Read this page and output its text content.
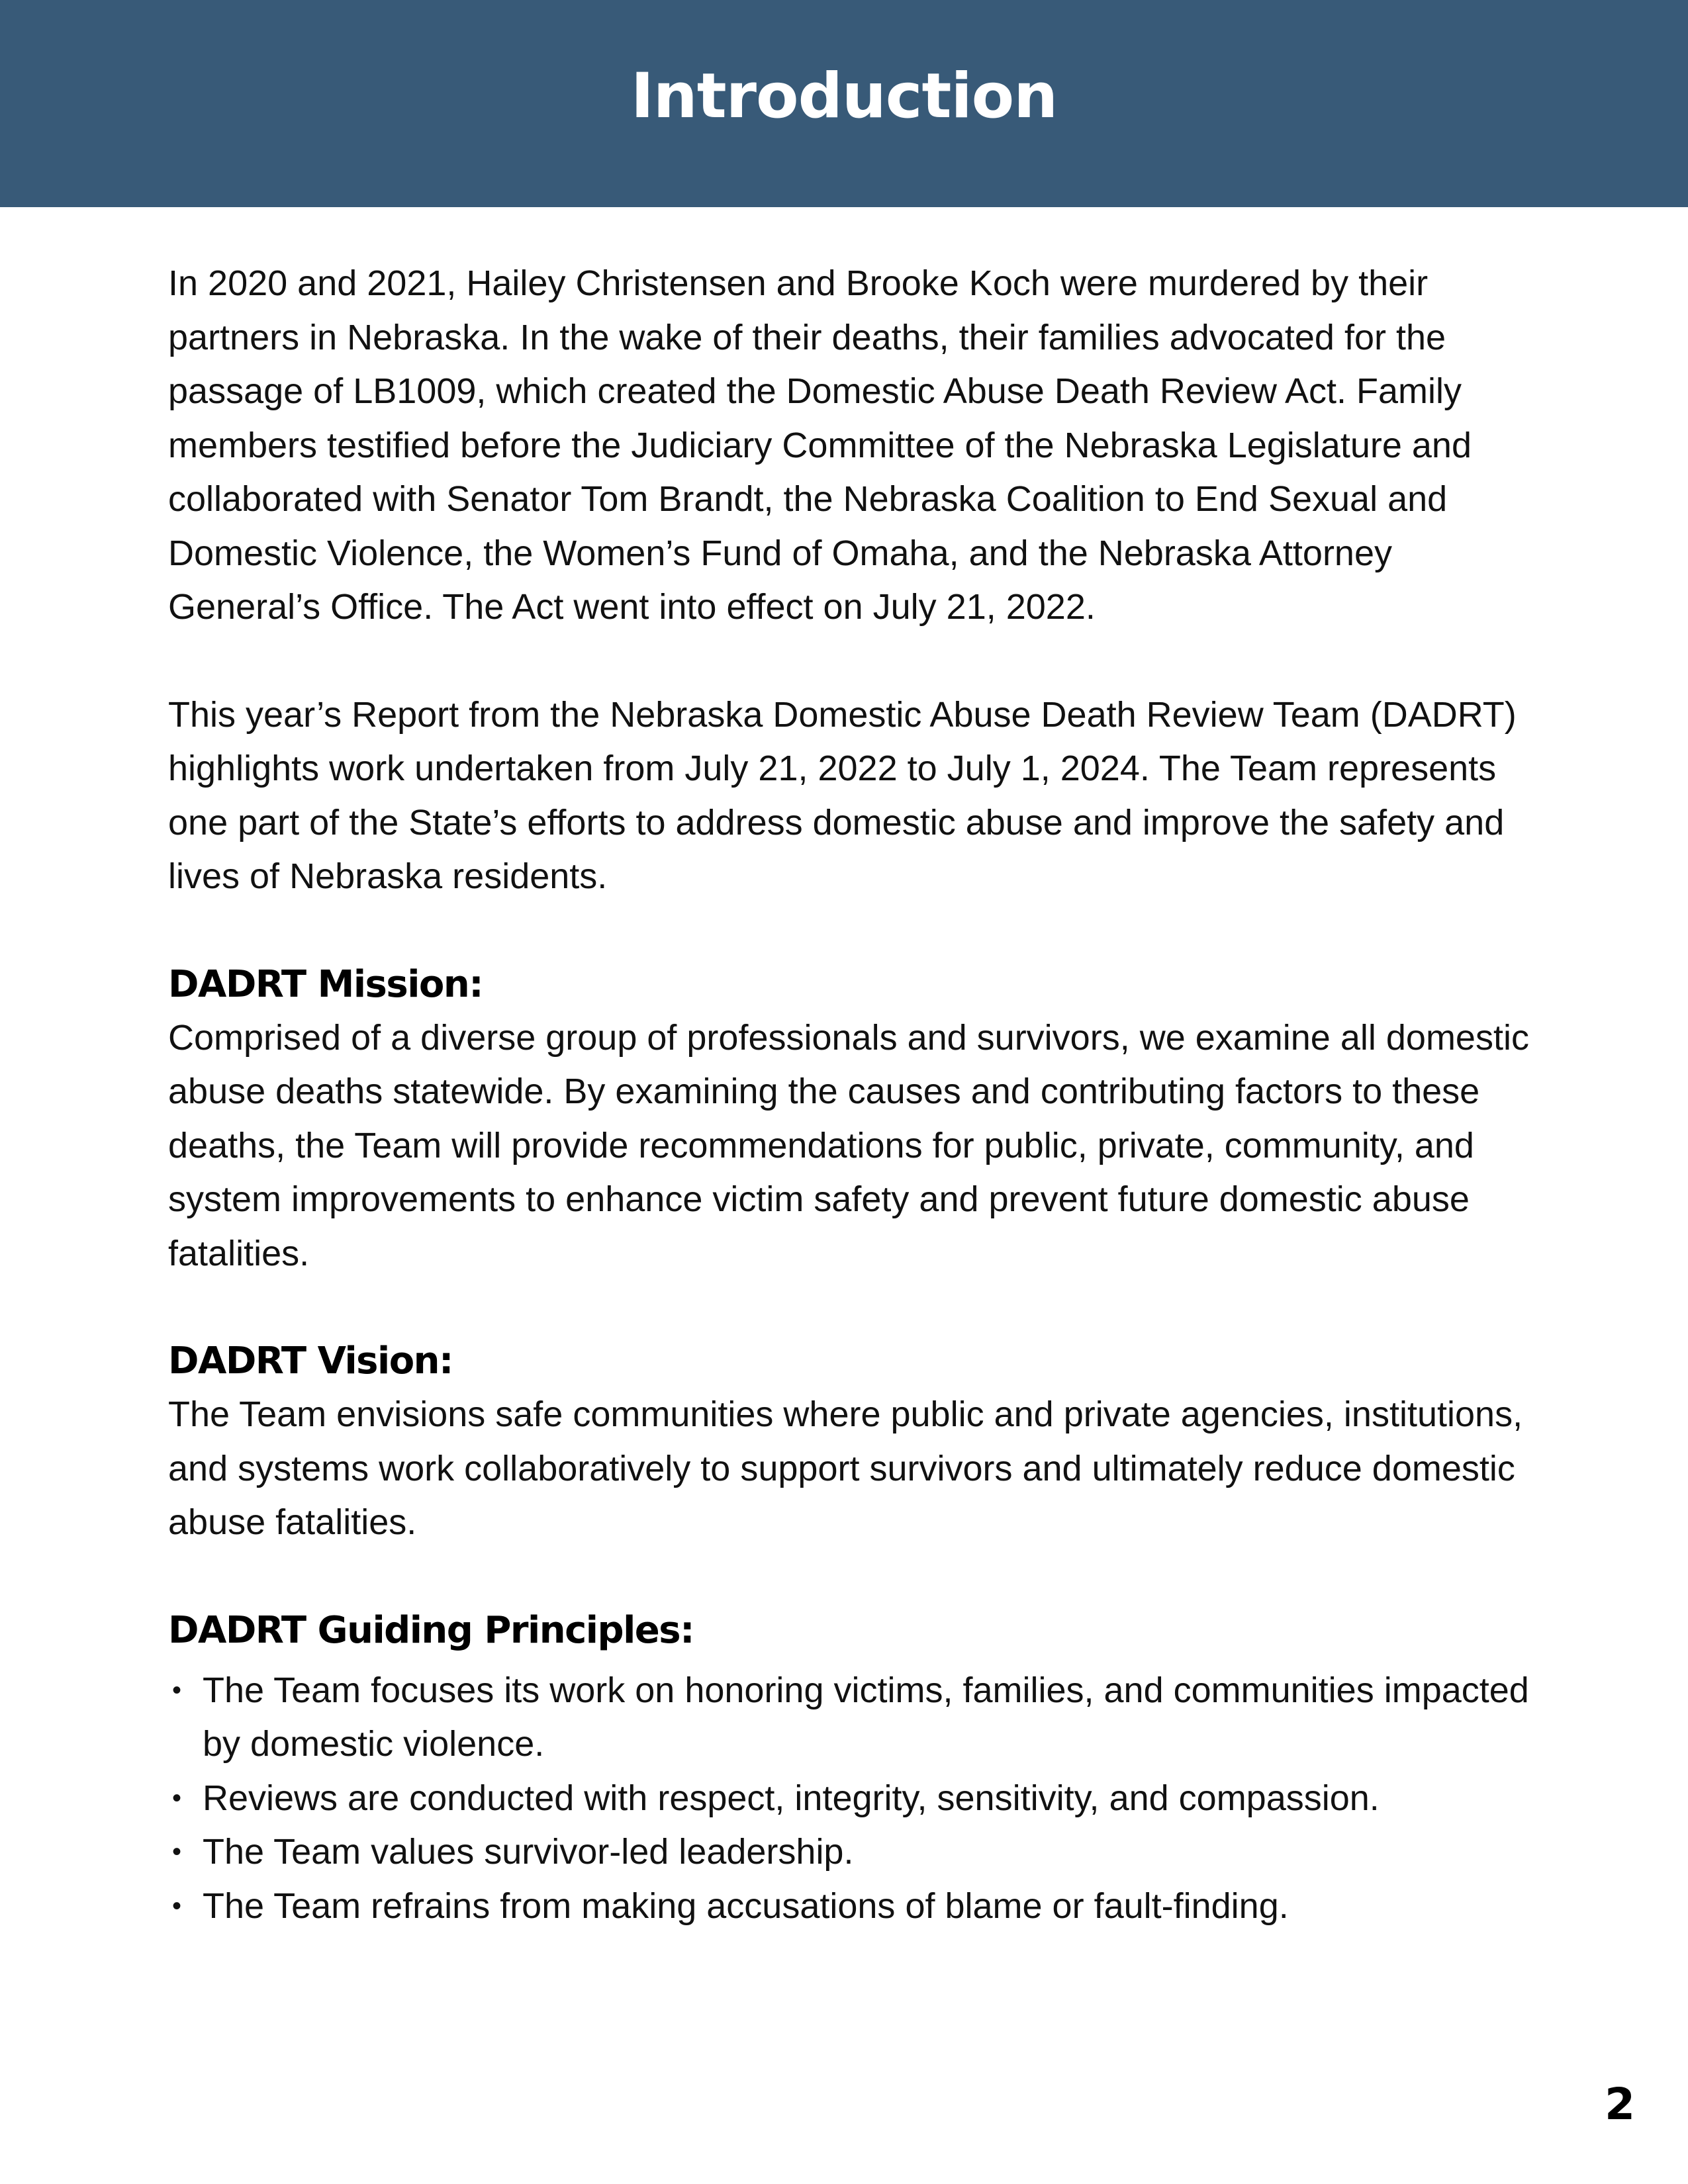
Introduction

In 2020 and 2021, Hailey Christensen and Brooke Koch were murdered by their partners in Nebraska. In the wake of their deaths, their families advocated for the passage of LB1009, which created the Domestic Abuse Death Review Act. Family members testified before the Judiciary Committee of the Nebraska Legislature and collaborated with Senator Tom Brandt, the Nebraska Coalition to End Sexual and Domestic Violence, the Women’s Fund of Omaha, and the Nebraska Attorney General’s Office. The Act went into effect on July 21, 2022.

This year’s Report from the Nebraska Domestic Abuse Death Review Team (DADRT) highlights work undertaken from July 21, 2022 to July 1, 2024. The Team represents one part of the State’s efforts to address domestic abuse and improve the safety and lives of Nebraska residents.

DADRT Mission:

Comprised of a diverse group of professionals and survivors, we examine all domestic abuse deaths statewide. By examining the causes and contributing factors to these deaths, the Team will provide recommendations for public, private, community, and system improvements to enhance victim safety and prevent future domestic abuse fatalities.

DADRT Vision:

The Team envisions safe communities where public and private agencies, institutions, and systems work collaboratively to support survivors and ultimately reduce domestic abuse fatalities.

DADRT Guiding Principles:
• The Team focuses its work on honoring victims, families, and communities impacted by domestic violence.
• Reviews are conducted with respect, integrity, sensitivity, and compassion.
• The Team values survivor-led leadership.
• The Team refrains from making accusations of blame or fault-finding.
2
